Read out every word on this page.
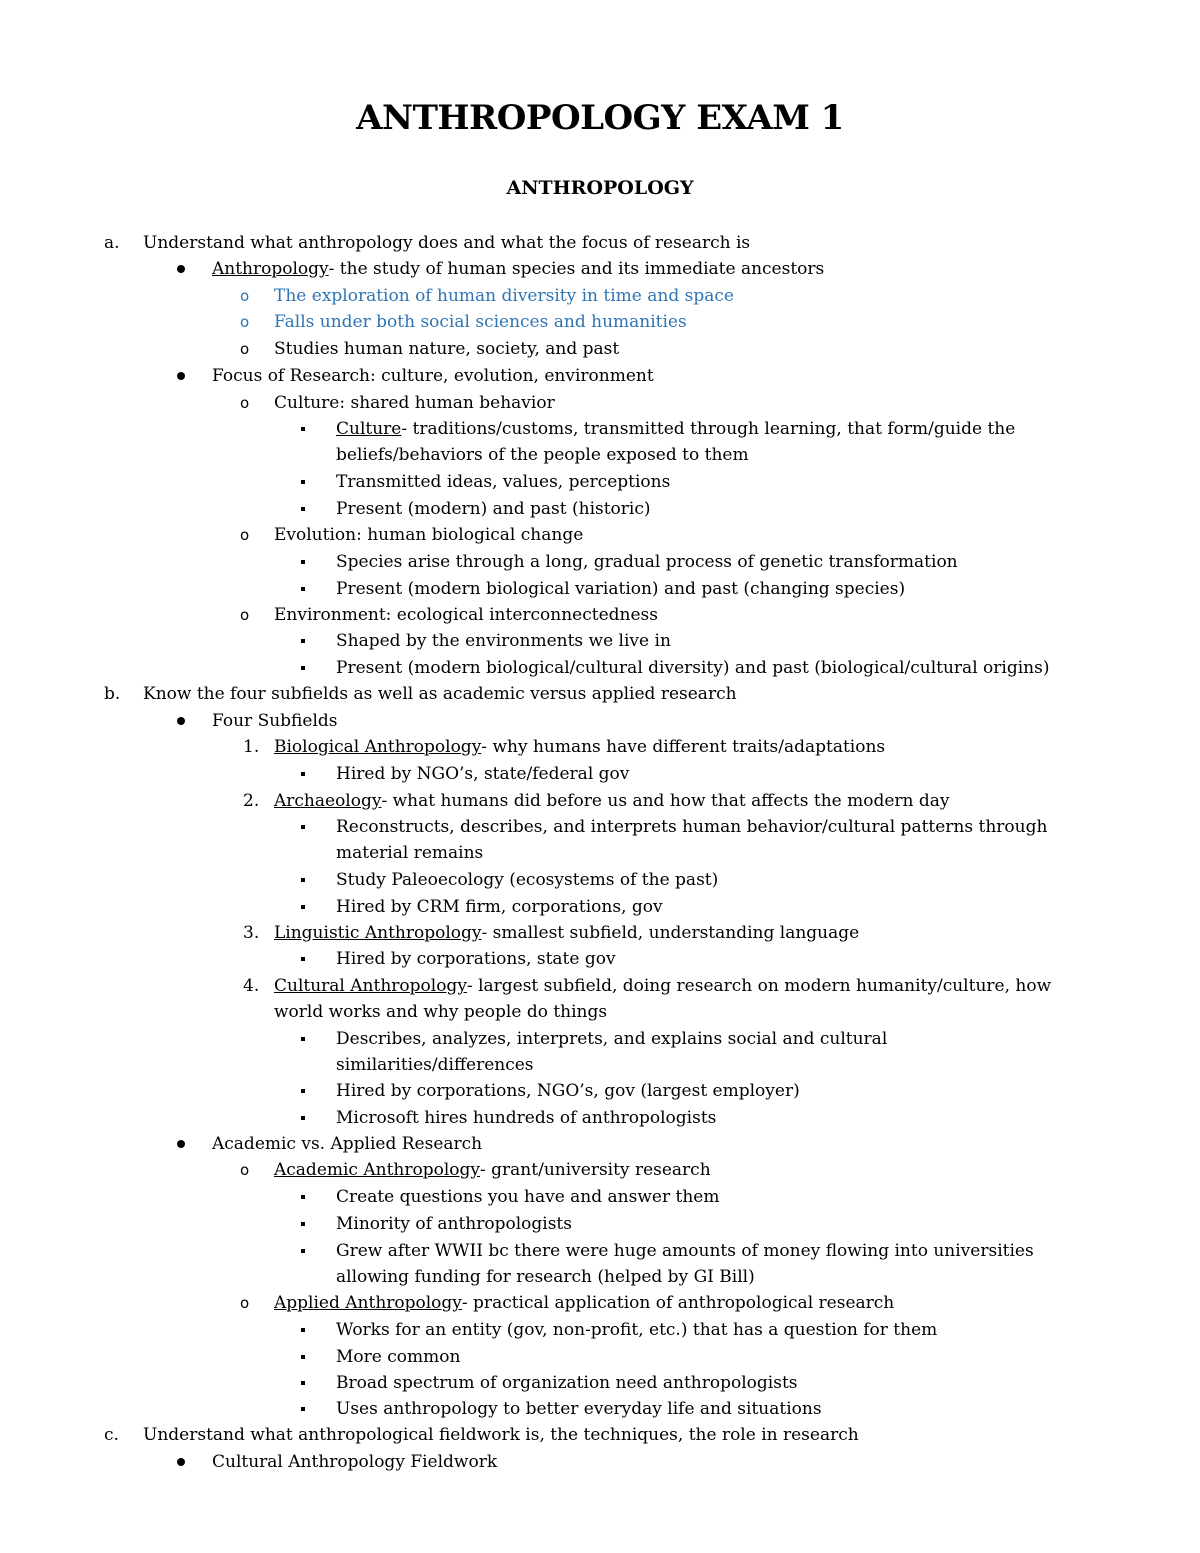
ANTHROPOLOGY EXAM 1
ANTHROPOLOGY
a. Understand what anthropology does and what the focus of research is
Anthropology- the study of human species and its immediate ancestors
o The exploration of human diversity in time and space
o Falls under both social sciences and humanities
o Studies human nature, society, and past
Focus of Research: culture, evolution, environment
o Culture: shared human behavior
Culture- traditions/customs, transmitted through learning, that form/guide the
beliefs/behaviors of the people exposed to them
Transmitted ideas, values, perceptions
Present (modern) and past (historic)
o Evolution: human biological change
Species arise through a long, gradual process of genetic transformation
Present (modern biological variation) and past (changing species)
o Environment: ecological interconnectedness
Shaped by the environments we live in
Present (modern biological/cultural diversity) and past (biological/cultural origins)
b. Know the four subfields as well as academic versus applied research
Four Subfields
1. Biological Anthropology- why humans have different traits/adaptations
Hired by NGO’s, state/federal gov
2. Archaeology- what humans did before us and how that affects the modern day
Reconstructs, describes, and interprets human behavior/cultural patterns through
material remains
Study Paleoecology (ecosystems of the past)
Hired by CRM firm, corporations, gov
3. Linguistic Anthropology- smallest subfield, understanding language
Hired by corporations, state gov
4. Cultural Anthropology- largest subfield, doing research on modern humanity/culture, how
world works and why people do things
Describes, analyzes, interprets, and explains social and cultural
similarities/differences
Hired by corporations, NGO’s, gov (largest employer)
Microsoft hires hundreds of anthropologists
Academic vs. Applied Research
o Academic Anthropology- grant/university research
Create questions you have and answer them
Minority of anthropologists
Grew after WWII bc there were huge amounts of money flowing into universities
allowing funding for research (helped by GI Bill)
o Applied Anthropology- practical application of anthropological research
Works for an entity (gov, non-profit, etc.) that has a question for them
More common
Broad spectrum of organization need anthropologists
Uses anthropology to better everyday life and situations
c. Understand what anthropological fieldwork is, the techniques, the role in research
Cultural Anthropology Fieldwork
